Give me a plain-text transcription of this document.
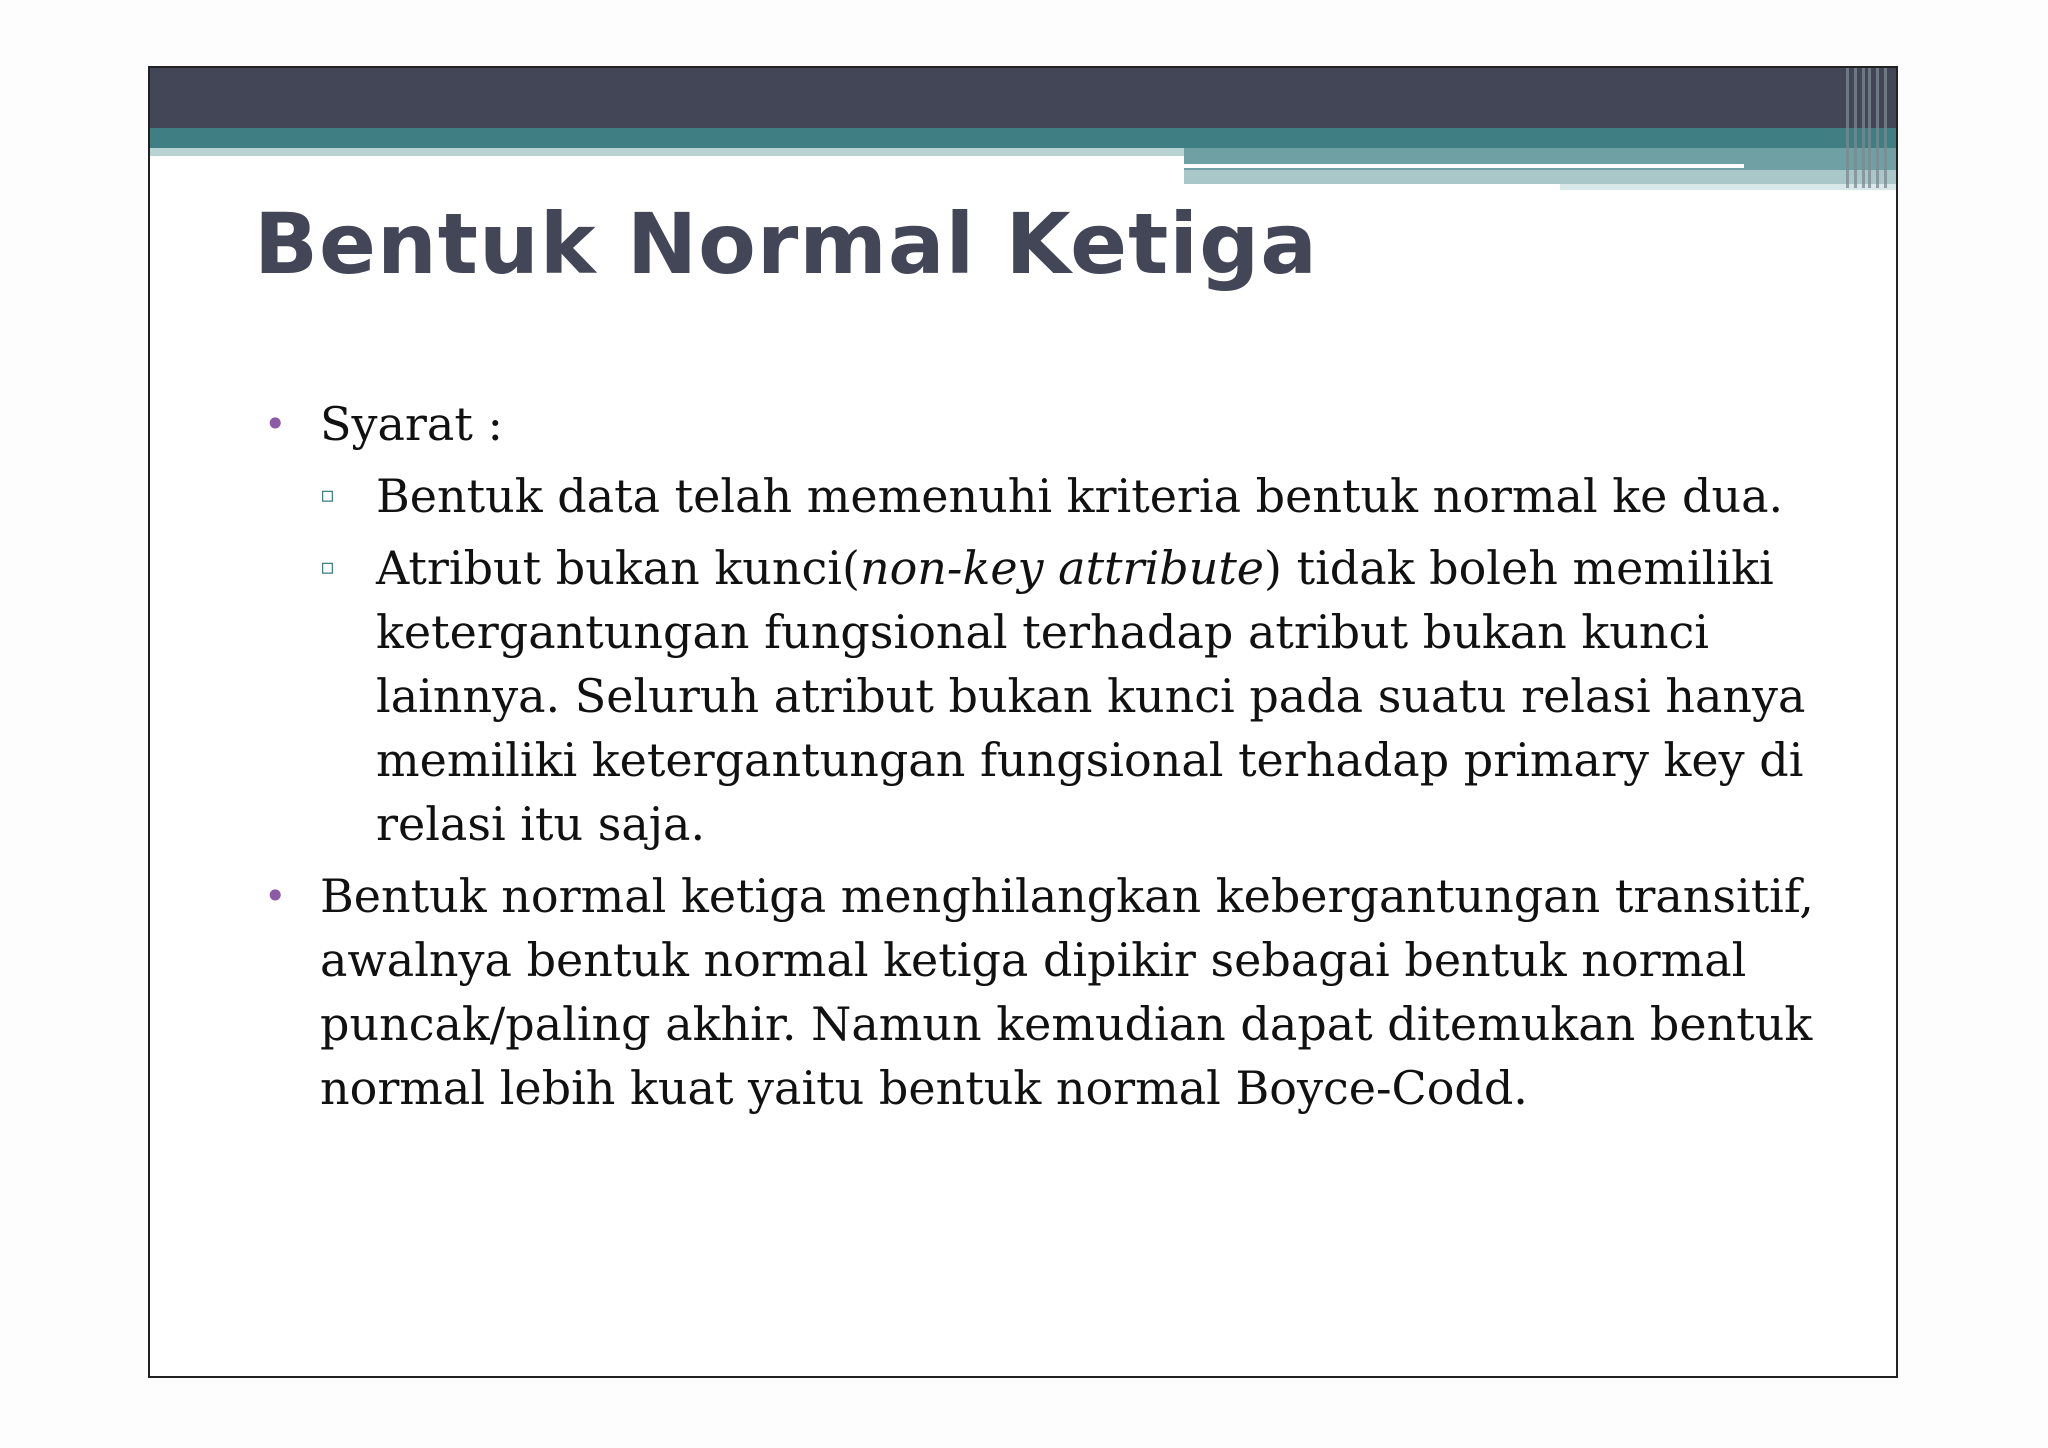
Bentuk Normal Ketiga
• Syarat :
▫ Bentuk data telah memenuhi kriteria bentuk normal ke dua.
▫ Atribut bukan kunci(non-key attribute) tidak boleh memiliki ketergantungan fungsional terhadap atribut bukan kunci lainnya. Seluruh atribut bukan kunci pada suatu relasi hanya memiliki ketergantungan fungsional terhadap primary key di relasi itu saja.
• Bentuk normal ketiga menghilangkan kebergantungan transitif, awalnya bentuk normal ketiga dipikir sebagai bentuk normal puncak/paling akhir. Namun kemudian dapat ditemukan bentuk normal lebih kuat yaitu bentuk normal Boyce-Codd.
